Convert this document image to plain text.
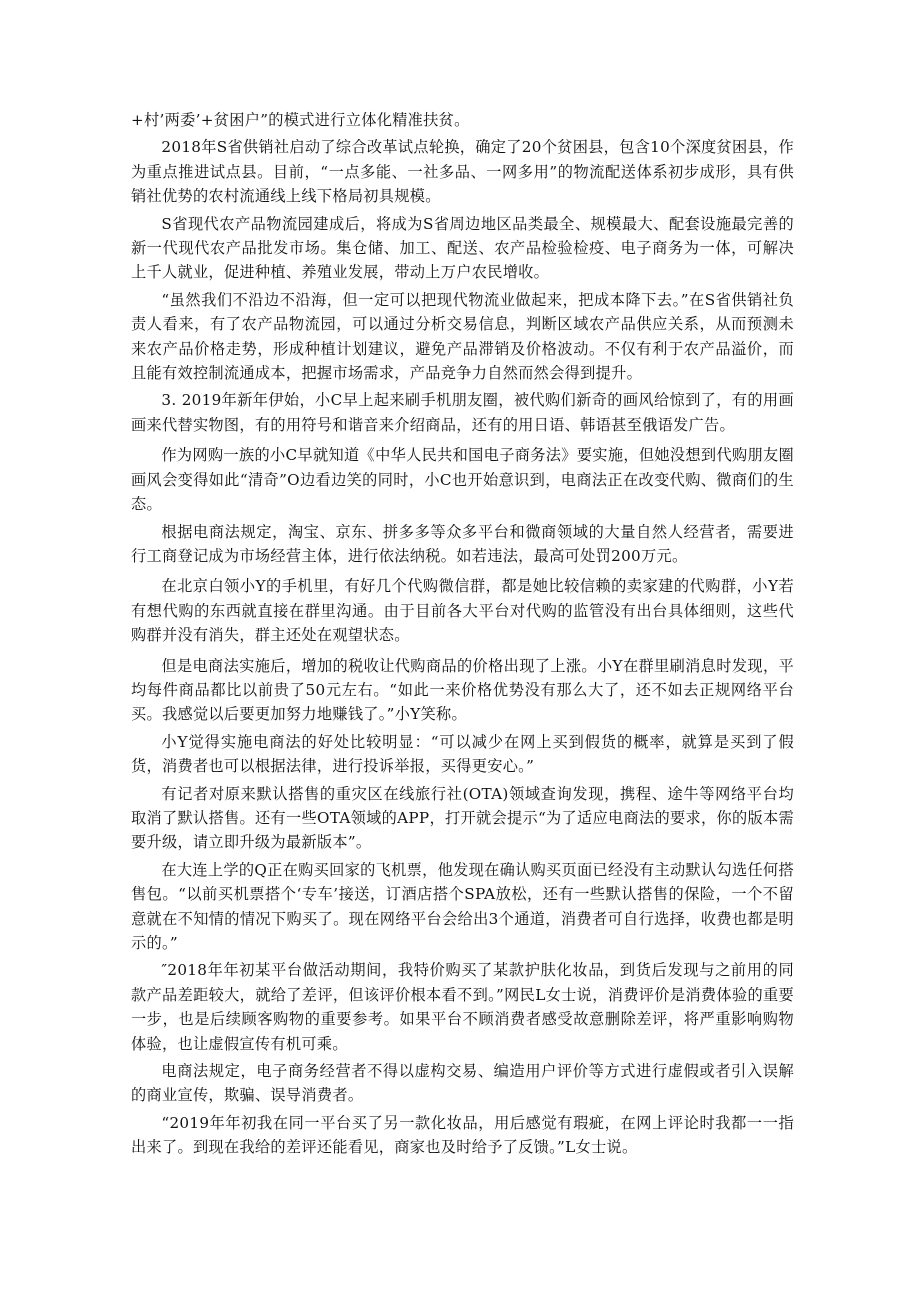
+村’两委’+贫困户”的模式进行立体化精准扶贫。

2018年S省供销社启动了综合改革试点轮换，确定了20个贫困县，包含10个深度贫困县，作为重点推进试点县。目前，“一点多能、一社多品、一网多用”的物流配送体系初步成形，具有供销社优势的农村流通线上线下格局初具规模。

S省现代农产品物流园建成后，将成为S省周边地区品类最全、规模最大、配套设施最完善的新一代现代农产品批发市场。集仓储、加工、配送、农产品检验检疫、电子商务为一体，可解决上千人就业，促进种植、养殖业发展，带动上万户农民增收。

“虽然我们不沿边不沿海，但一定可以把现代物流业做起来，把成本降下去。”在S省供销社负责人看来，有了农产品物流园，可以通过分析交易信息，判断区域农产品供应关系，从而预测未来农产品价格走势，形成种植计划建议，避免产品滞销及价格波动。不仅有利于农产品溢价，而且能有效控制流通成本，把握市场需求，产品竞争力自然而然会得到提升。

3. 2019年新年伊始，小C早上起来刷手机朋友圈，被代购们新奇的画风给惊到了，有的用画画来代替实物图，有的用符号和谐音来介绍商品，还有的用日语、韩语甚至俄语发广告。

作为网购一族的小C早就知道《中华人民共和国电子商务法》要实施，但她没想到代购朋友圈画风会变得如此“清奇”O边看边笑的同时，小C也开始意识到，电商法正在改变代购、微商们的生态。

根据电商法规定，淘宝、京东、拼多多等众多平台和微商领域的大量自然人经营者，需要进行工商登记成为市场经营主体，进行依法纳税。如若违法，最高可处罚200万元。

在北京白领小Y的手机里，有好几个代购微信群，都是她比较信赖的卖家建的代购群，小Y若有想代购的东西就直接在群里沟通。由于目前各大平台对代购的监管没有出台具体细则，这些代购群并没有消失，群主还处在观望状态。

但是电商法实施后，增加的税收让代购商品的价格出现了上涨。小Y在群里刷消息时发现，平均每件商品都比以前贵了50元左右。“如此一来价格优势没有那么大了，还不如去正规网络平台买。我感觉以后要更加努力地赚钱了。”小Y笑称。

小Y觉得实施电商法的好处比较明显：“可以减少在网上买到假货的概率，就算是买到了假货，消费者也可以根据法律，进行投诉举报，买得更安心。”

有记者对原来默认搭售的重灾区在线旅行社(OTA)领域查询发现，携程、途牛等网络平台均取消了默认搭售。还有一些OTA领域的APP，打开就会提示“为了适应电商法的要求，你的版本需要升级，请立即升级为最新版本”。

在大连上学的Q正在购买回家的飞机票，他发现在确认购买页面已经没有主动默认勾选任何搭售包。“以前买机票搭个‘专车’接送，订酒店搭个SPA放松，还有一些默认搭售的保险，一个不留意就在不知情的情况下购买了。现在网络平台会给出3个通道，消费者可自行选择，收费也都是明示的。”

″2018年年初某平台做活动期间，我特价购买了某款护肤化妆品，到货后发现与之前用的同款产品差距较大，就给了差评，但该评价根本看不到。”网民L女士说，消费评价是消费体验的重要一步，也是后续顾客购物的重要参考。如果平台不顾消费者感受故意删除差评，将严重影响购物体验，也让虚假宣传有机可乘。

电商法规定，电子商务经营者不得以虚构交易、编造用户评价等方式进行虚假或者引入误解的商业宣传，欺骗、误导消费者。

“2019年年初我在同一平台买了另一款化妆品，用后感觉有瑕疵，在网上评论时我都一一指出来了。到现在我给的差评还能看见，商家也及时给予了反馈。”L女士说。
